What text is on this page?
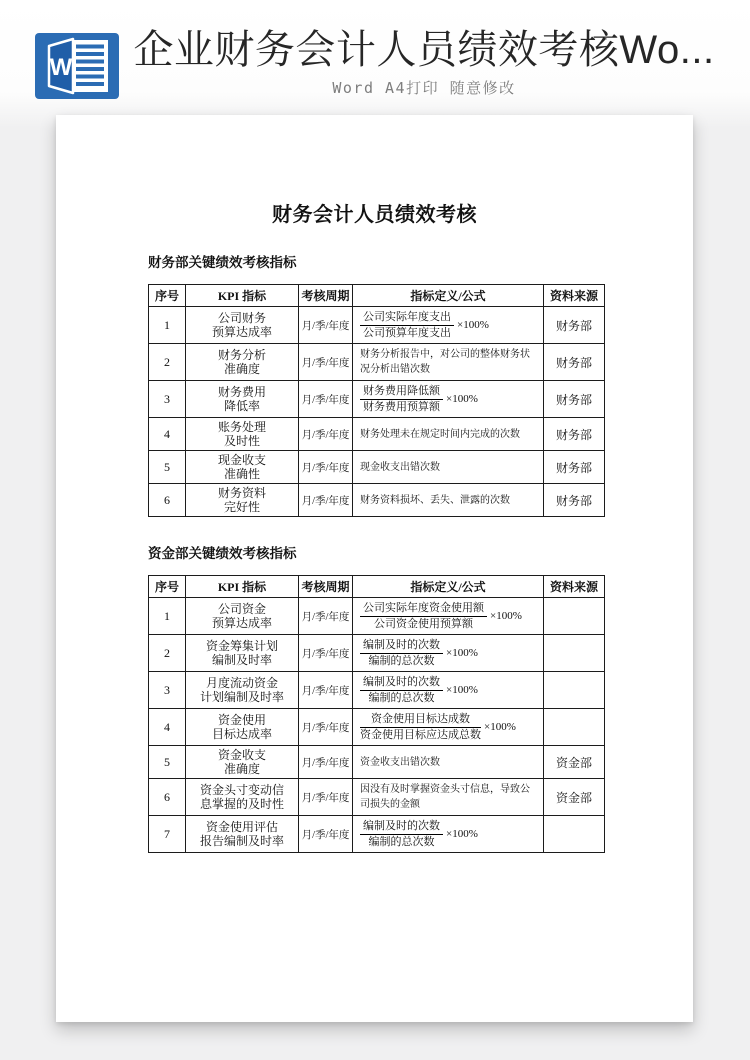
W 企业财务会计人员绩效考核Wo...
Word A4打印 随意修改
财务会计人员绩效考核
财务部关键绩效考核指标
序号	KPI 指标	考核周期	指标定义/公式	资料来源
1	公司财务
预算达成率	月/季/年度	$\frac{\text{公司实际年度支出}}{\text{公司预算年度支出}} \times 100\%$	财务部
2	财务分析
准确度	月/季/年度	财务分析报告中，对公司的整体财务状况分析出错次数	财务部
3	财务费用
降低率	月/季/年度	$\frac{\text{财务费用降低额}}{\text{财务费用预算额}} \times 100\%$	财务部
4	账务处理
及时性	月/季/年度	财务处理未在规定时间内完成的次数	财务部
5	现金收支
准确性	月/季/年度	现金收支出错次数	财务部
6	财务资料
完好性	月/季/年度	财务资料损坏、丢失、泄露的次数	财务部
资金部关键绩效考核指标
序号	KPI 指标	考核周期	指标定义/公式	资料来源
1	公司资金
预算达成率	月/季/年度	$\frac{\text{公司实际年度资金使用额}}{\text{公司资金使用预算额}} \times 100\%$

2	资金筹集计划
编制及时率	月/季/年度	$\frac{\text{编制及时的次数}}{\text{编制的总次数}} \times 100\%$

3	月度流动资金
计划编制及时率	月/季/年度	$\frac{\text{编制及时的次数}}{\text{编制的总次数}} \times 100\%$

4	资金使用
目标达成率	月/季/年度	$\frac{\text{资金使用目标达成数}}{\text{资金使用目标应达成总数}} \times 100\%$

5	资金收支
准确度	月/季/年度	资金收支出错次数	资金部
6	资金头寸变动信
息掌握的及时性	月/季/年度	因没有及时掌握资金头寸信息，导致公司损失的金额	资金部
7	资金使用评估
报告编制及时率	月/季/年度	$\frac{\text{编制及时的次数}}{\text{编制的总次数}} \times 100\%$
